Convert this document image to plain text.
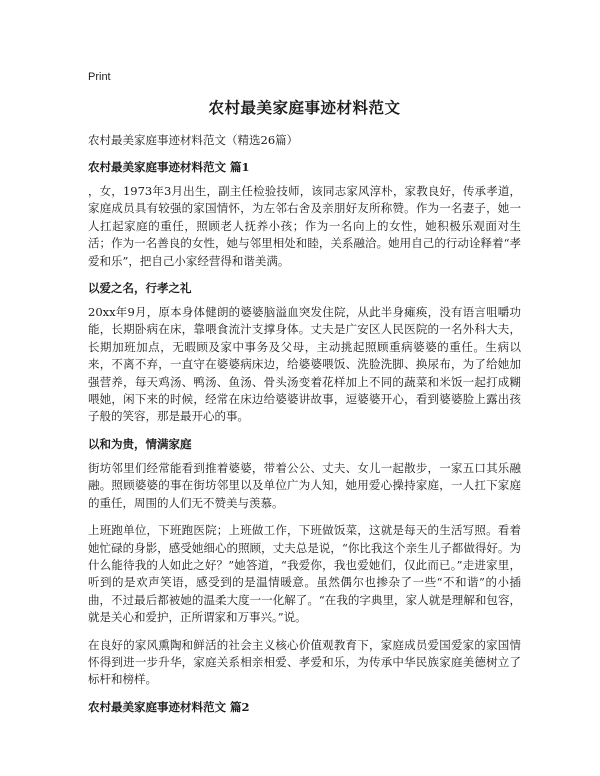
Print
农村最美家庭事迹材料范文
农村最美家庭事迹材料范文（精选26篇）
农村最美家庭事迹材料范文 篇1

，女，1973年3月出生，副主任检验技师，该同志家风淳朴，家教良好，传承孝道，家庭成员具有较强的家国情怀，为左邻右舍及亲朋好友所称赞。作为一名妻子，她一人扛起家庭的重任，照顾老人抚养小孩；作为一名向上的女性，她积极乐观面对生活；作为一名善良的女性，她与邻里相处和睦，关系融洽。她用自己的行动诠释着“孝爱和乐”，把自己小家经营得和谐美满。

以爱之名，行孝之礼

20xx年9月，原本身体健朗的婆婆脑溢血突发住院，从此半身瘫痪，没有语言咀嚼功能，长期卧病在床，靠喂食流汁支撑身体。丈夫是广安区人民医院的一名外科大夫，长期加班加点，无暇顾及家中事务及父母，主动挑起照顾重病婆婆的重任。生病以来，不离不弃，一直守在婆婆病床边，给婆婆喂饭、洗脸洗脚、换尿布，为了给她加强营养，每天鸡汤、鸭汤、鱼汤、骨头汤变着花样加上不同的蔬菜和米饭一起打成糊喂她，闲下来的时候，经常在床边给婆婆讲故事，逗婆婆开心，看到婆婆脸上露出孩子般的笑容，那是最开心的事。

以和为贵，情满家庭

街坊邻里们经常能看到推着婆婆，带着公公、丈夫、女儿一起散步，一家五口其乐融融。照顾婆婆的事在街坊邻里以及单位广为人知，她用爱心操持家庭，一人扛下家庭的重任，周围的人们无不赞美与羡慕。

上班跑单位，下班跑医院；上班做工作，下班做饭菜，这就是每天的生活写照。看着她忙碌的身影，感受她细心的照顾，丈夫总是说，“你比我这个亲生儿子都做得好。为什么能待我的人如此之好？”她答道，“我爱你，我也爱她们，仅此而已。”走进家里，听到的是欢声笑语，感受到的是温情暖意。虽然偶尔也掺杂了一些“不和谐”的小插曲，不过最后都被她的温柔大度一一化解了。“在我的字典里，家人就是理解和包容，就是关心和爱护，正所谓家和万事兴。”说。

在良好的家风熏陶和鲜活的社会主义核心价值观教育下，家庭成员爱国爱家的家国情怀得到进一步升华，家庭关系相亲相爱、孝爱和乐，为传承中华民族家庭美德树立了标杆和榜样。

农村最美家庭事迹材料范文 篇2
